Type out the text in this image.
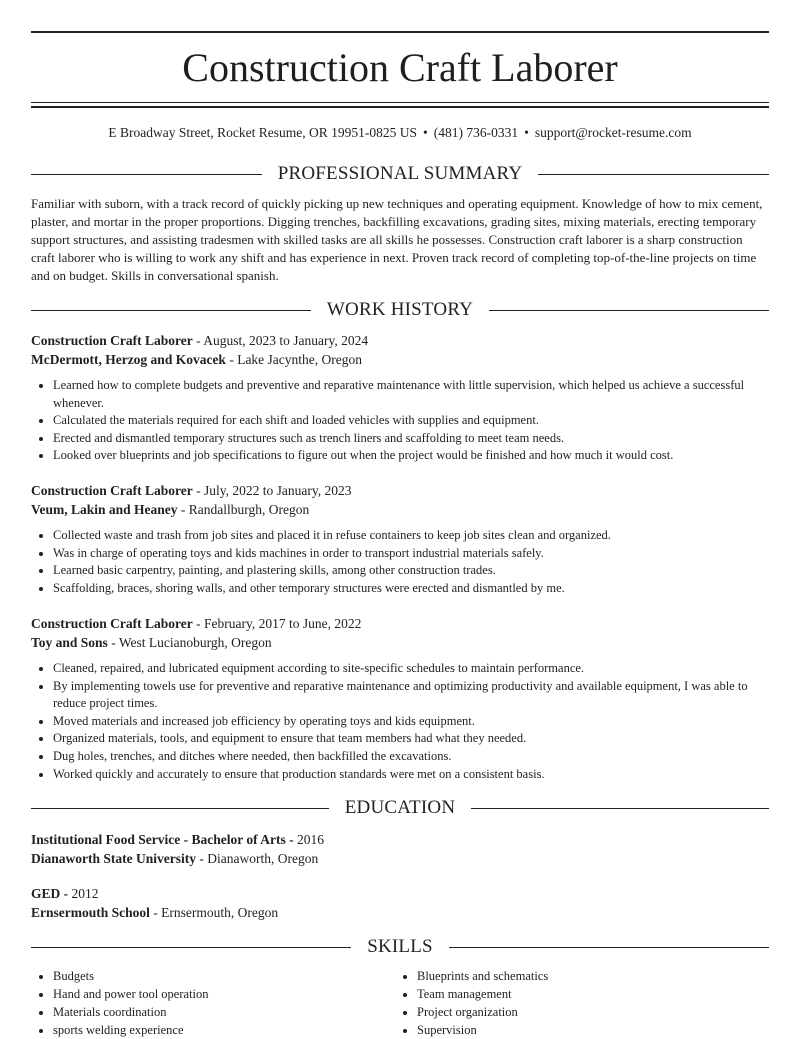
Construction Craft Laborer
E Broadway Street, Rocket Resume, OR 19951-0825 US • (481) 736-0331 • support@rocket-resume.com
PROFESSIONAL SUMMARY

Familiar with suborn, with a track record of quickly picking up new techniques and operating equipment. Knowledge of how to mix cement, plaster, and mortar in the proper proportions. Digging trenches, backfilling excavations, grading sites, mixing materials, erecting temporary support structures, and assisting tradesmen with skilled tasks are all skills he possesses. Construction craft laborer is a sharp construction craft laborer who is willing to work any shift and has experience in next. Proven track record of completing top-of-the-line projects on time and on budget. Skills in conversational spanish.

WORK HISTORY
Construction Craft Laborer - August, 2023 to January, 2024
McDermott, Herzog and Kovacek - Lake Jacynthe, Oregon
• Learned how to complete budgets and preventive and reparative maintenance with little supervision, which helped us achieve a successful whenever.
• Calculated the materials required for each shift and loaded vehicles with supplies and equipment.
• Erected and dismantled temporary structures such as trench liners and scaffolding to meet team needs.
• Looked over blueprints and job specifications to figure out when the project would be finished and how much it would cost.
Construction Craft Laborer - July, 2022 to January, 2023
Veum, Lakin and Heaney - Randallburgh, Oregon
• Collected waste and trash from job sites and placed it in refuse containers to keep job sites clean and organized.
• Was in charge of operating toys and kids machines in order to transport industrial materials safely.
• Learned basic carpentry, painting, and plastering skills, among other construction trades.
• Scaffolding, braces, shoring walls, and other temporary structures were erected and dismantled by me.
Construction Craft Laborer - February, 2017 to June, 2022
Toy and Sons - West Lucianoburgh, Oregon
• Cleaned, repaired, and lubricated equipment according to site-specific schedules to maintain performance.
• By implementing towels use for preventive and reparative maintenance and optimizing productivity and available equipment, I was able to reduce project times.
• Moved materials and increased job efficiency by operating toys and kids equipment.
• Organized materials, tools, and equipment to ensure that team members had what they needed.
• Dug holes, trenches, and ditches where needed, then backfilled the excavations.
• Worked quickly and accurately to ensure that production standards were met on a consistent basis.
EDUCATION
Institutional Food Service - Bachelor of Arts - 2016
Dianaworth State University - Dianaworth, Oregon
GED - 2012
Ernsermouth School - Ernsermouth, Oregon
SKILLS
• Budgets
• Hand and power tool operation
• Materials coordination
• sports welding experience
• Blueprints and schematics
• Team management
• Project organization
• Supervision
